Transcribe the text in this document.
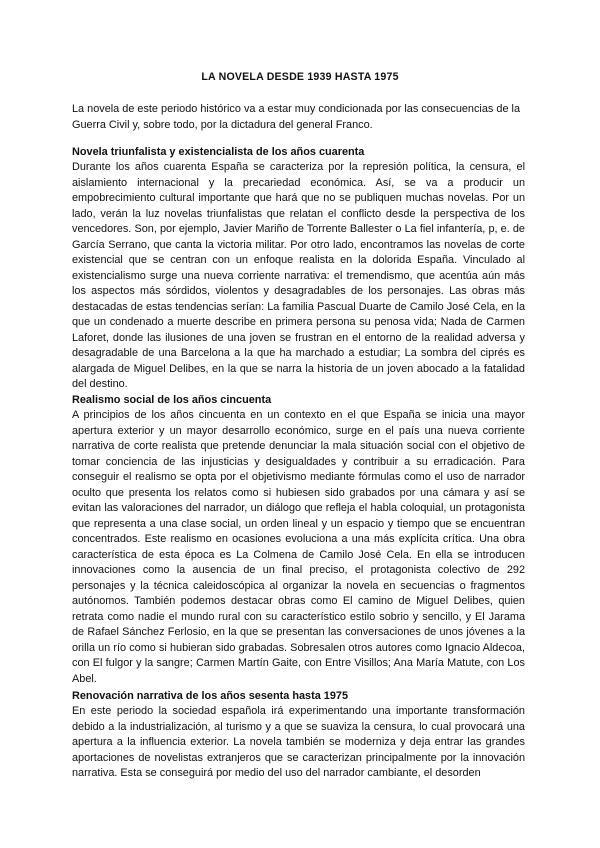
LA NOVELA DESDE 1939 HASTA 1975

La novela de este periodo histórico va a estar muy condicionada por las consecuencias de la Guerra Civil y, sobre todo, por la dictadura del general Franco.

Novela triunfalista y existencialista de los años cuarenta

Durante los años cuarenta España se caracteriza por la represión política, la censura, el aislamiento internacional y la precariedad económica. Así, se va a producir un empobrecimiento cultural importante que hará que no se publiquen muchas novelas. Por un lado, verán la luz novelas triunfalistas que relatan el conflicto desde la perspectiva de los vencedores. Son, por ejemplo, Javier Mariño de Torrente Ballester o La fiel infantería, p, e. de García Serrano, que canta la victoria militar. Por otro lado, encontramos las novelas de corte existencial que se centran con un enfoque realista en la dolorida España. Vinculado al existencialismo surge una nueva corriente narrativa: el tremendismo, que acentúa aún más los aspectos más sórdidos, violentos y desagradables de los personajes. Las obras más destacadas de estas tendencias serían: La familia Pascual Duarte de Camilo José Cela, en la que un condenado a muerte describe en primera persona su penosa vida; Nada de Carmen Laforet, donde las ilusiones de una joven se frustran en el entorno de la realidad adversa y desagradable de una Barcelona a la que ha marchado a estudiar; La sombra del ciprés es alargada de Miguel Delibes, en la que se narra la historia de un joven abocado a la fatalidad del destino.

Realismo social de los años cincuenta

A principios de los años cincuenta en un contexto en el que España se inicia una mayor apertura exterior y un mayor desarrollo económico, surge en el país una nueva corriente narrativa de corte realista que pretende denunciar la mala situación social con el objetivo de tomar conciencia de las injusticias y desigualdades y contribuir a su erradicación. Para conseguir el realismo se opta por el objetivismo mediante fórmulas como el uso de narrador oculto que presenta los relatos como si hubiesen sido grabados por una cámara y así se evitan las valoraciones del narrador, un diálogo que refleja el habla coloquial, un protagonista que representa a una clase social, un orden lineal y un espacio y tiempo que se encuentran concentrados. Este realismo en ocasiones evoluciona a una más explícita crítica. Una obra característica de esta época es La Colmena de Camilo José Cela. En ella se introducen innovaciones como la ausencia de un final preciso, el protagonista colectivo de 292 personajes y la técnica caleidoscópica al organizar la novela en secuencias o fragmentos autónomos. También podemos destacar obras como El camino de Miguel Delibes, quien retrata como nadie el mundo rural con su característico estilo sobrio y sencillo, y El Jarama de Rafael Sánchez Ferlosio, en la que se presentan las conversaciones de unos jóvenes a la orilla un río como si hubieran sido grabadas. Sobresalen otros autores como Ignacio Aldecoa, con El fulgor y la sangre; Carmen Martín Gaite, con Entre Visillos; Ana María Matute, con Los Abel.

Renovación narrativa de los años sesenta hasta 1975

En este periodo la sociedad española irá experimentando una importante transformación debido a la industrialización, al turismo y a que se suaviza la censura, lo cual provocará una apertura a la influencia exterior. La novela también se moderniza y deja entrar las grandes aportaciones de novelistas extranjeros que se caracterizan principalmente por la innovación narrativa. Esta se conseguirá por medio del uso del narrador cambiante, el desorden
